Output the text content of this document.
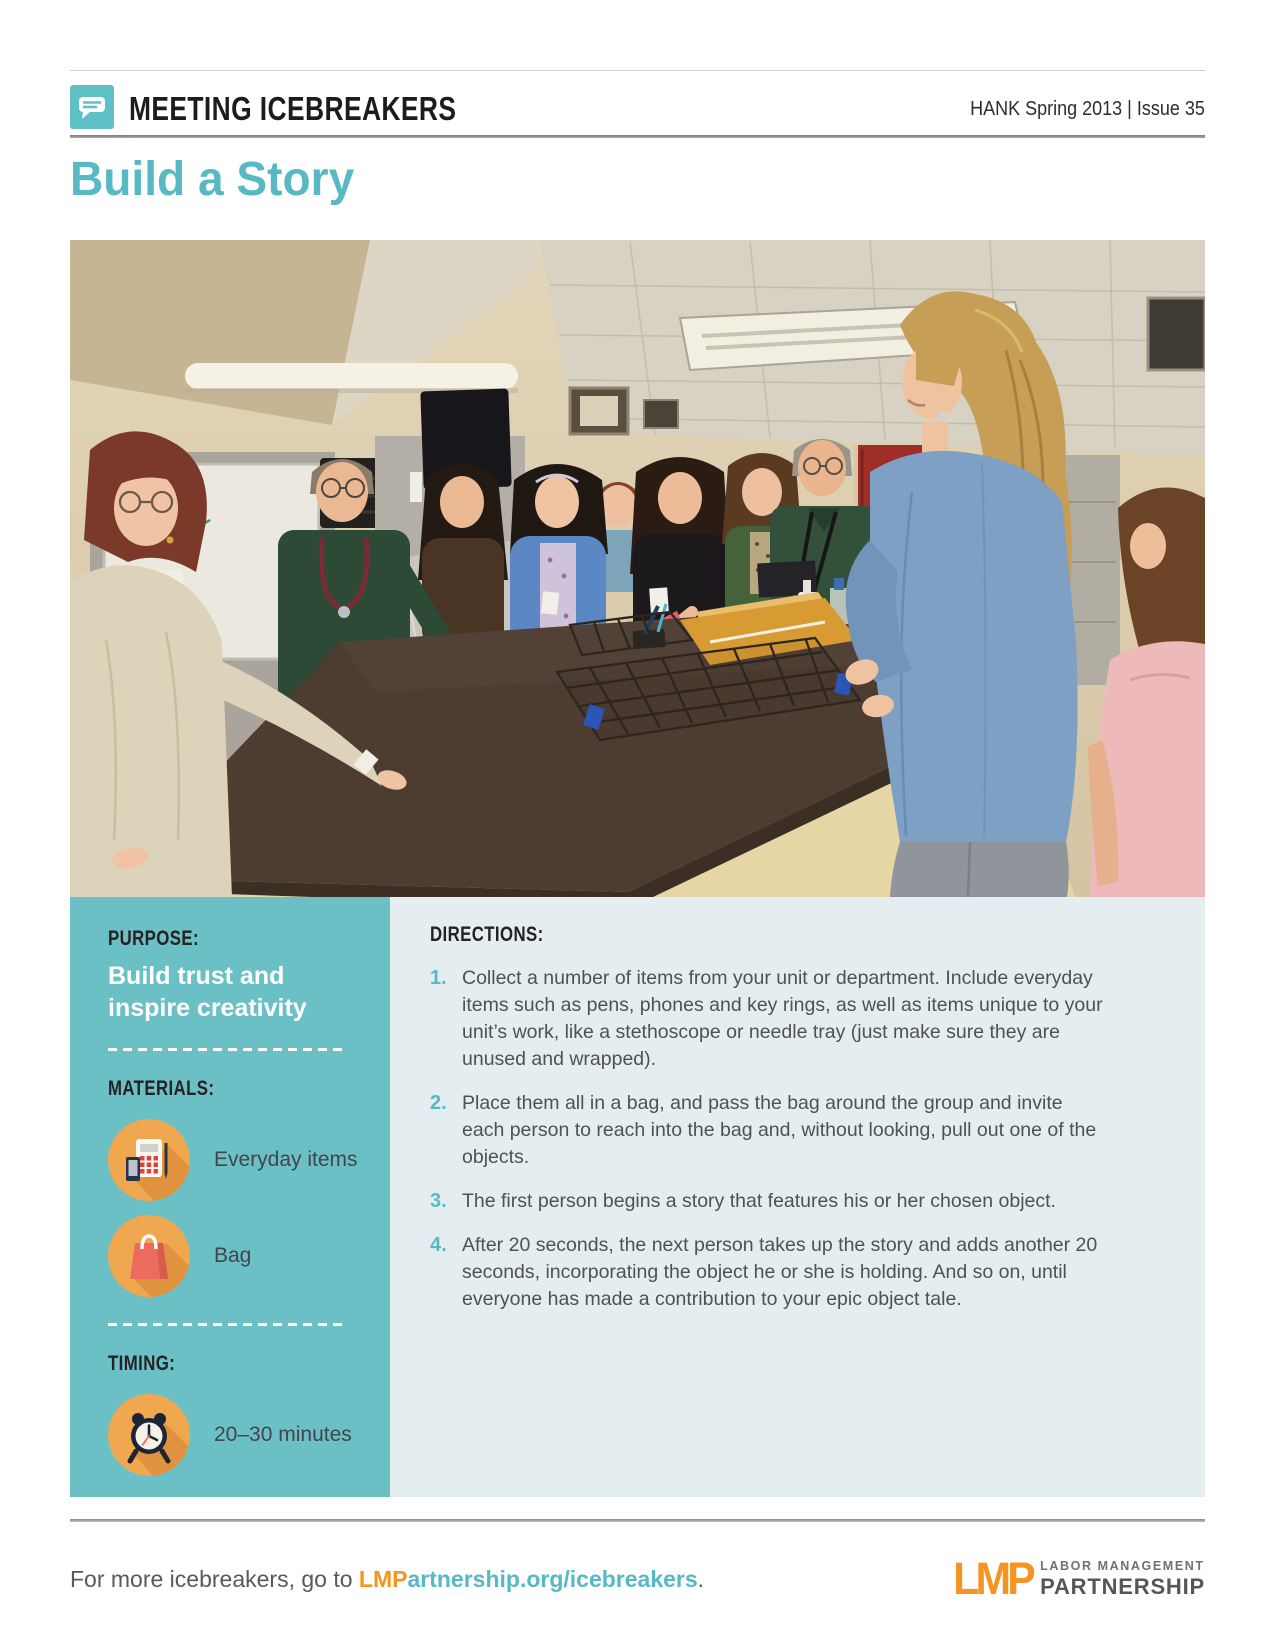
MEETING ICEBREAKERS	HANK Spring 2013 | Issue 35
Build a Story
PURPOSE:
Build trust and inspire creativity
MATERIALS:
Everyday items
Bag
TIMING:
20–30 minutes
DIRECTIONS:
1. Collect a number of items from your unit or department. Include everyday items such as pens, phones and key rings, as well as items unique to your unit’s work, like a stethoscope or needle tray (just make sure they are unused and wrapped).
2. Place them all in a bag, and pass the bag around the group and invite each person to reach into the bag and, without looking, pull out one of the objects.
3. The first person begins a story that features his or her chosen object.
4. After 20 seconds, the next person takes up the story and adds another 20 seconds, incorporating the object he or she is holding. And so on, until everyone has made a contribution to your epic object tale.
For more icebreakers, go to LMPartnership.org/icebreakers.	LMP LABOR MANAGEMENT
PARTNERSHIP
